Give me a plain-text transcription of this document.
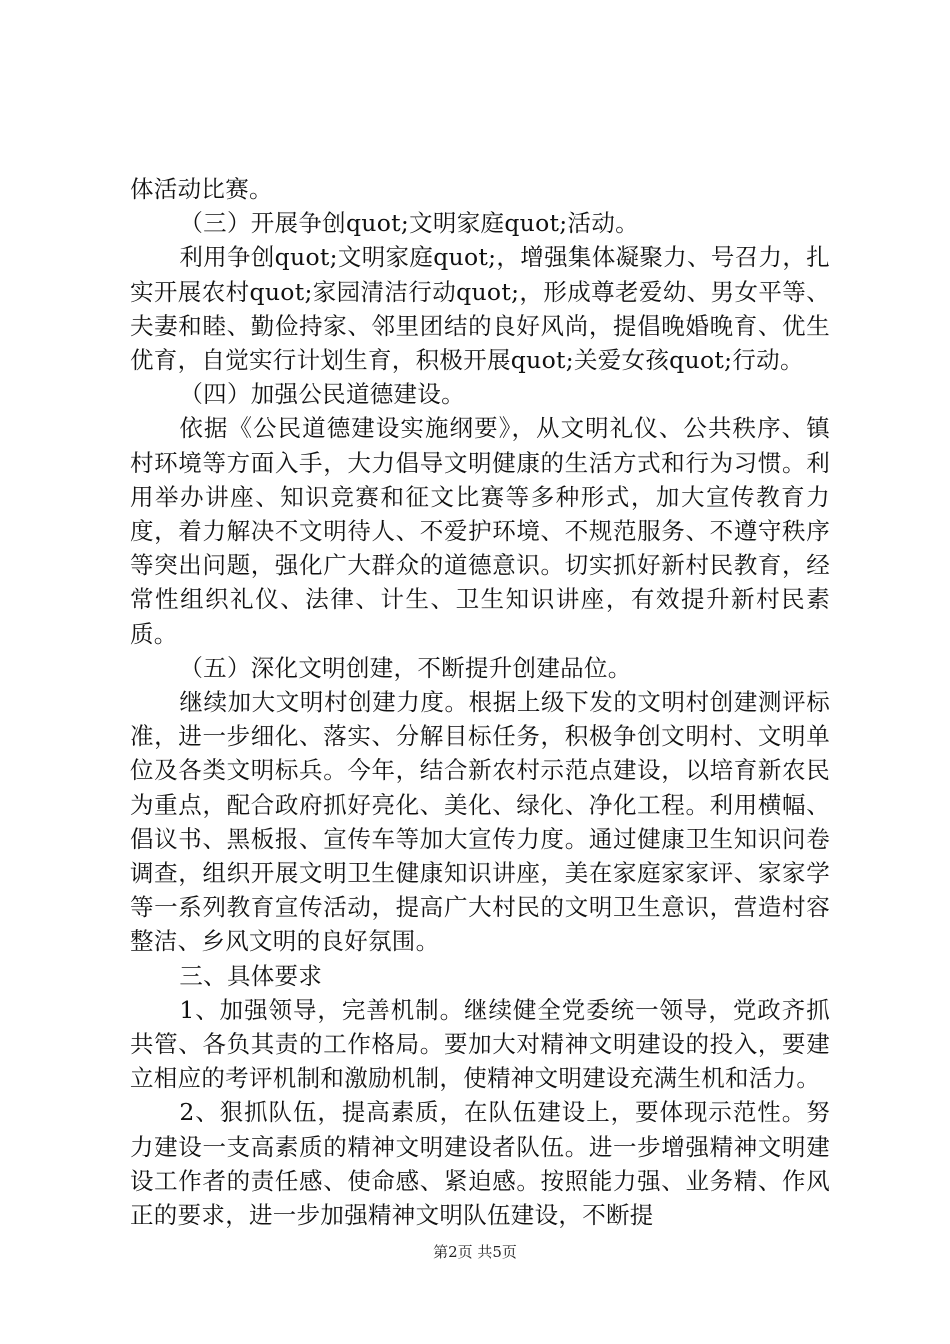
体活动比赛。

（三）开展争创quot;文明家庭quot;活动。

利用争创quot;文明家庭quot;，增强集体凝聚力、号召力，扎实开展农村quot;家园清洁行动quot;，形成尊老爱幼、男女平等、夫妻和睦、勤俭持家、邻里团结的良好风尚，提倡晚婚晚育、优生优育，自觉实行计划生育，积极开展quot;关爱女孩quot;行动。

（四）加强公民道德建设。

依据《公民道德建设实施纲要》，从文明礼仪、公共秩序、镇村环境等方面入手，大力倡导文明健康的生活方式和行为习惯。利用举办讲座、知识竞赛和征文比赛等多种形式，加大宣传教育力度，着力解决不文明待人、不爱护环境、不规范服务、不遵守秩序等突出问题，强化广大群众的道德意识。切实抓好新村民教育，经常性组织礼仪、法律、计生、卫生知识讲座，有效提升新村民素质。

（五）深化文明创建，不断提升创建品位。

继续加大文明村创建力度。根据上级下发的文明村创建测评标准，进一步细化、落实、分解目标任务，积极争创文明村、文明单位及各类文明标兵。今年，结合新农村示范点建设，以培育新农民为重点，配合政府抓好亮化、美化、绿化、净化工程。利用横幅、倡议书、黑板报、宣传车等加大宣传力度。通过健康卫生知识问卷调查，组织开展文明卫生健康知识讲座，美在家庭家家评、家家学等一系列教育宣传活动，提高广大村民的文明卫生意识，营造村容整洁、乡风文明的良好氛围。

三、具体要求

1、加强领导，完善机制。继续健全党委统一领导，党政齐抓共管、各负其责的工作格局。要加大对精神文明建设的投入，要建立相应的考评机制和激励机制，使精神文明建设充满生机和活力。

2、狠抓队伍，提高素质，在队伍建设上，要体现示范性。努力建设一支高素质的精神文明建设者队伍。进一步增强精神文明建设工作者的责任感、使命感、紧迫感。按照能力强、业务精、作风正的要求，进一步加强精神文明队伍建设，不断提

第2页 共5页
